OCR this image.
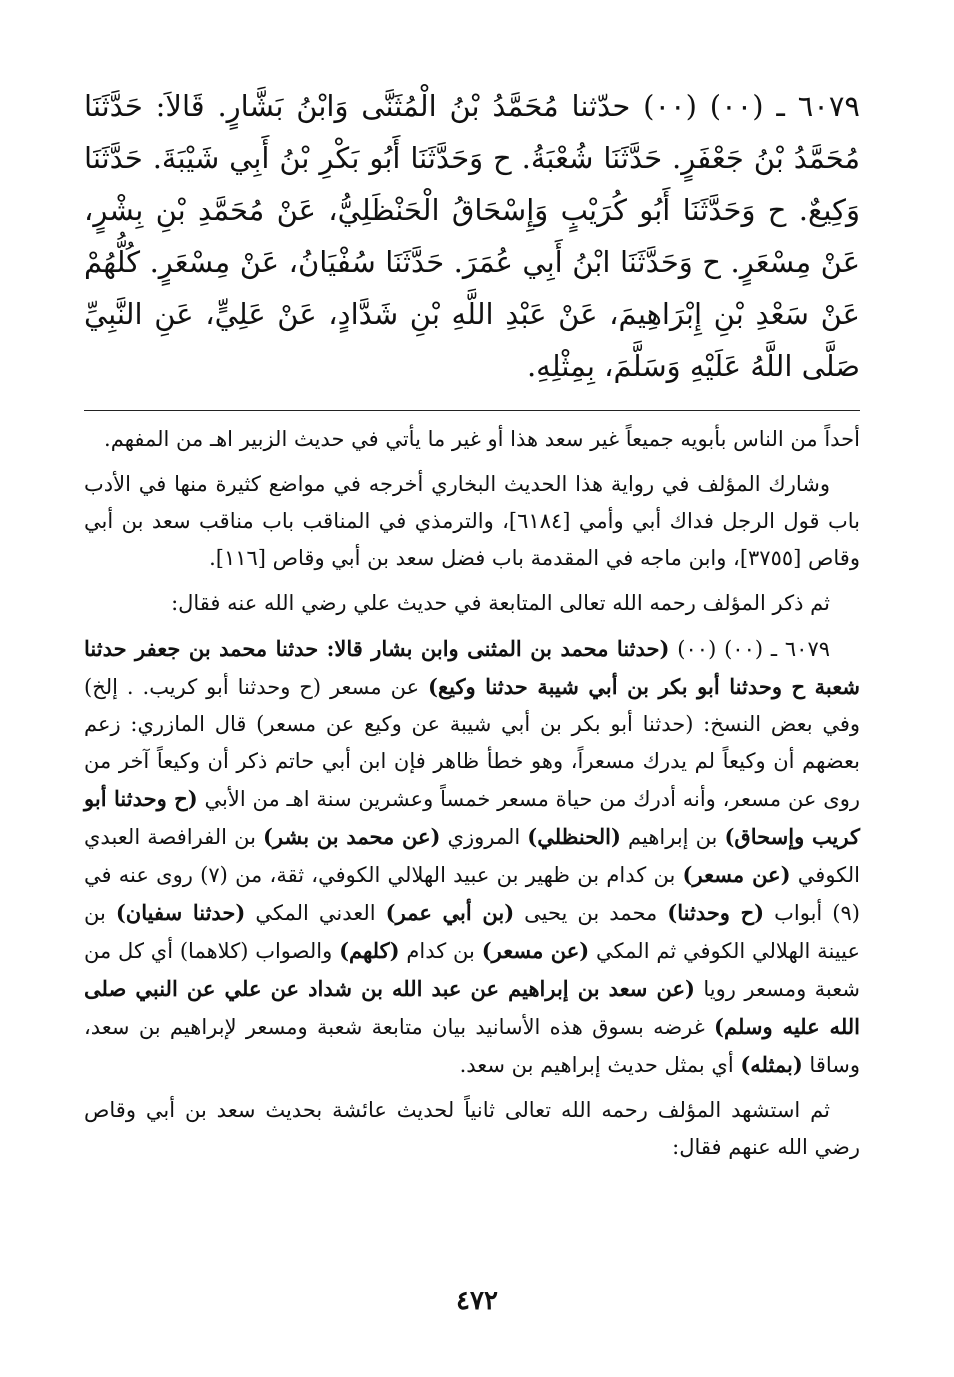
٦٠٧٩ ـ (٠٠) (٠٠) حدّثنا مُحَمَّدُ بْنُ الْمُثَنَّى وَابْنُ بَشَّارٍ. قَالاَ: حَدَّثَنَا مُحَمَّدُ بْنُ جَعْفَرٍ. حَدَّثَنَا شُعْبَةُ. ح وَحَدَّثَنَا أَبُو بَكْرِ بْنُ أَبِي شَيْبَةَ. حَدَّثَنَا وَكِيعٌ. ح وَحَدَّثَنَا أَبُو كُرَيْبٍ وَإِسْحَاقُ الْحَنْظَلِيُّ، عَنْ مُحَمَّدِ بْنِ بِشْرٍ، عَنْ مِسْعَرٍ. ح وَحَدَّثَنَا ابْنُ أَبِي عُمَرَ. حَدَّثَنَا سُفْيَانُ، عَنْ مِسْعَرٍ. كُلُّهُمْ عَنْ سَعْدِ بْنِ إِبْرَاهِيمَ، عَنْ عَبْدِ اللَّهِ بْنِ شَدَّادٍ، عَنْ عَلِيٍّ، عَنِ النَّبِيِّ صَلَّى اللَّهُ عَلَيْهِ وَسَلَّمَ، بِمِثْلِهِ.

أحداً من الناس بأبويه جميعاً غير سعد هذا أو غير ما يأتي في حديث الزبير اهـ من المفهم.

وشارك المؤلف في رواية هذا الحديث البخاري أخرجه في مواضع كثيرة منها في الأدب باب قول الرجل فداك أبي وأمي [٦١٨٤]، والترمذي في المناقب باب مناقب سعد بن أبي وقاص [٣٧٥٥]، وابن ماجه في المقدمة باب فضل سعد بن أبي وقاص [١١٦].

ثم ذكر المؤلف رحمه الله تعالى المتابعة في حديث علي رضي الله عنه فقال:

٦٠٧٩ ـ (٠٠) (٠٠) (حدثنا محمد بن المثنى وابن بشار قالا: حدثنا محمد بن جعفر حدثنا شعبة ح وحدثنا أبو بكر بن أبي شيبة حدثنا وكيع) عن مسعر (ح وحدثنا أبو كريب. . إلخ) وفي بعض النسخ: (حدثنا أبو بكر بن أبي شيبة عن وكيع عن مسعر) قال المازري: زعم بعضهم أن وكيعاً لم يدرك مسعراً، وهو خطأ ظاهر فإن ابن أبي حاتم ذكر أن وكيعاً آخر من روى عن مسعر، وأنه أدرك من حياة مسعر خمساً وعشرين سنة اهـ من الأبي (ح وحدثنا أبو كريب وإسحاق) بن إبراهيم (الحنظلي) المروزي (عن محمد بن بشر) بن الفرافصة العبدي الكوفي (عن مسعر) بن كدام بن ظهير بن عبيد الهلالي الكوفي، ثقة، من (٧) روى عنه في (٩) أبواب (ح وحدثنا) محمد بن يحيى (بن أبي عمر) العدني المكي (حدثنا سفيان) بن عيينة الهلالي الكوفي ثم المكي (عن مسعر) بن كدام (كلهم) والصواب (كلاهما) أي كل من شعبة ومسعر رويا (عن سعد بن إبراهيم عن عبد الله بن شداد عن علي عن النبي صلى الله عليه وسلم) غرضه بسوق هذه الأسانيد بيان متابعة شعبة ومسعر لإبراهيم بن سعد، وساقا (بمثله) أي بمثل حديث إبراهيم بن سعد.

ثم استشهد المؤلف رحمه الله تعالى ثانياً لحديث عائشة بحديث سعد بن أبي وقاص رضي الله عنهم فقال:

٤٧٢
